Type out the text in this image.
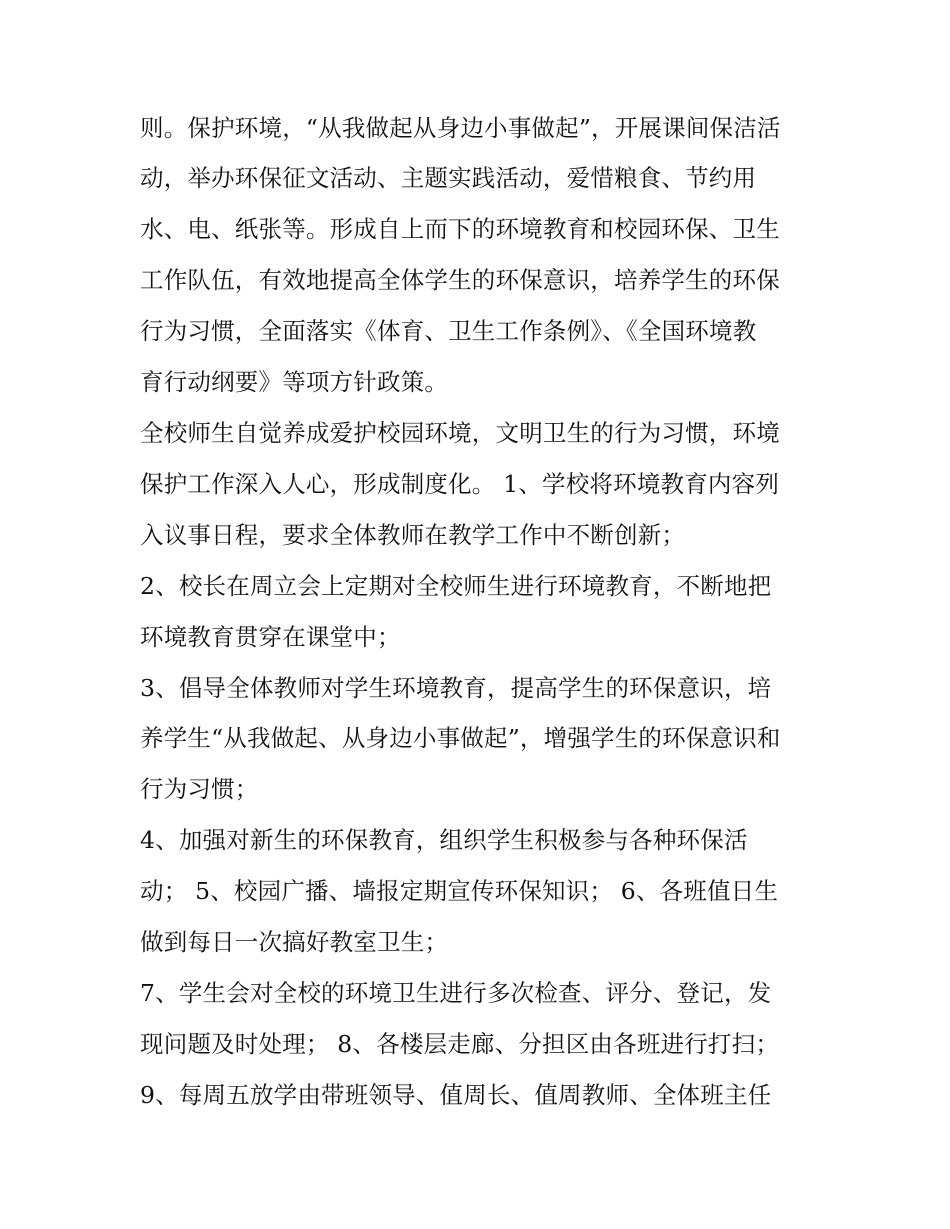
则。保护环境，“从我做起从身边小事做起”，开展课间保洁活
动，举办环保征文活动、主题实践活动，爱惜粮食、节约用
水、电、纸张等。形成自上而下的环境教育和校园环保、卫生
工作队伍，有效地提高全体学生的环保意识，培养学生的环保
行为习惯，全面落实《体育、卫生工作条例》、《全国环境教
育行动纲要》等项方针政策。
全校师生自觉养成爱护校园环境，文明卫生的行为习惯，环境
保护工作深入人心，形成制度化。 1、学校将环境教育内容列
入议事日程，要求全体教师在教学工作中不断创新；
2、校长在周立会上定期对全校师生进行环境教育，不断地把
环境教育贯穿在课堂中；
3、倡导全体教师对学生环境教育，提高学生的环保意识，培
养学生“从我做起、从身边小事做起”，增强学生的环保意识和
行为习惯；
4、加强对新生的环保教育，组织学生积极参与各种环保活
动； 5、校园广播、墙报定期宣传环保知识； 6、各班值日生
做到每日一次搞好教室卫生；
7、学生会对全校的环境卫生进行多次检查、评分、登记，发
现问题及时处理； 8、各楼层走廊、分担区由各班进行打扫；
9、每周五放学由带班领导、值周长、值周教师、全体班主任
